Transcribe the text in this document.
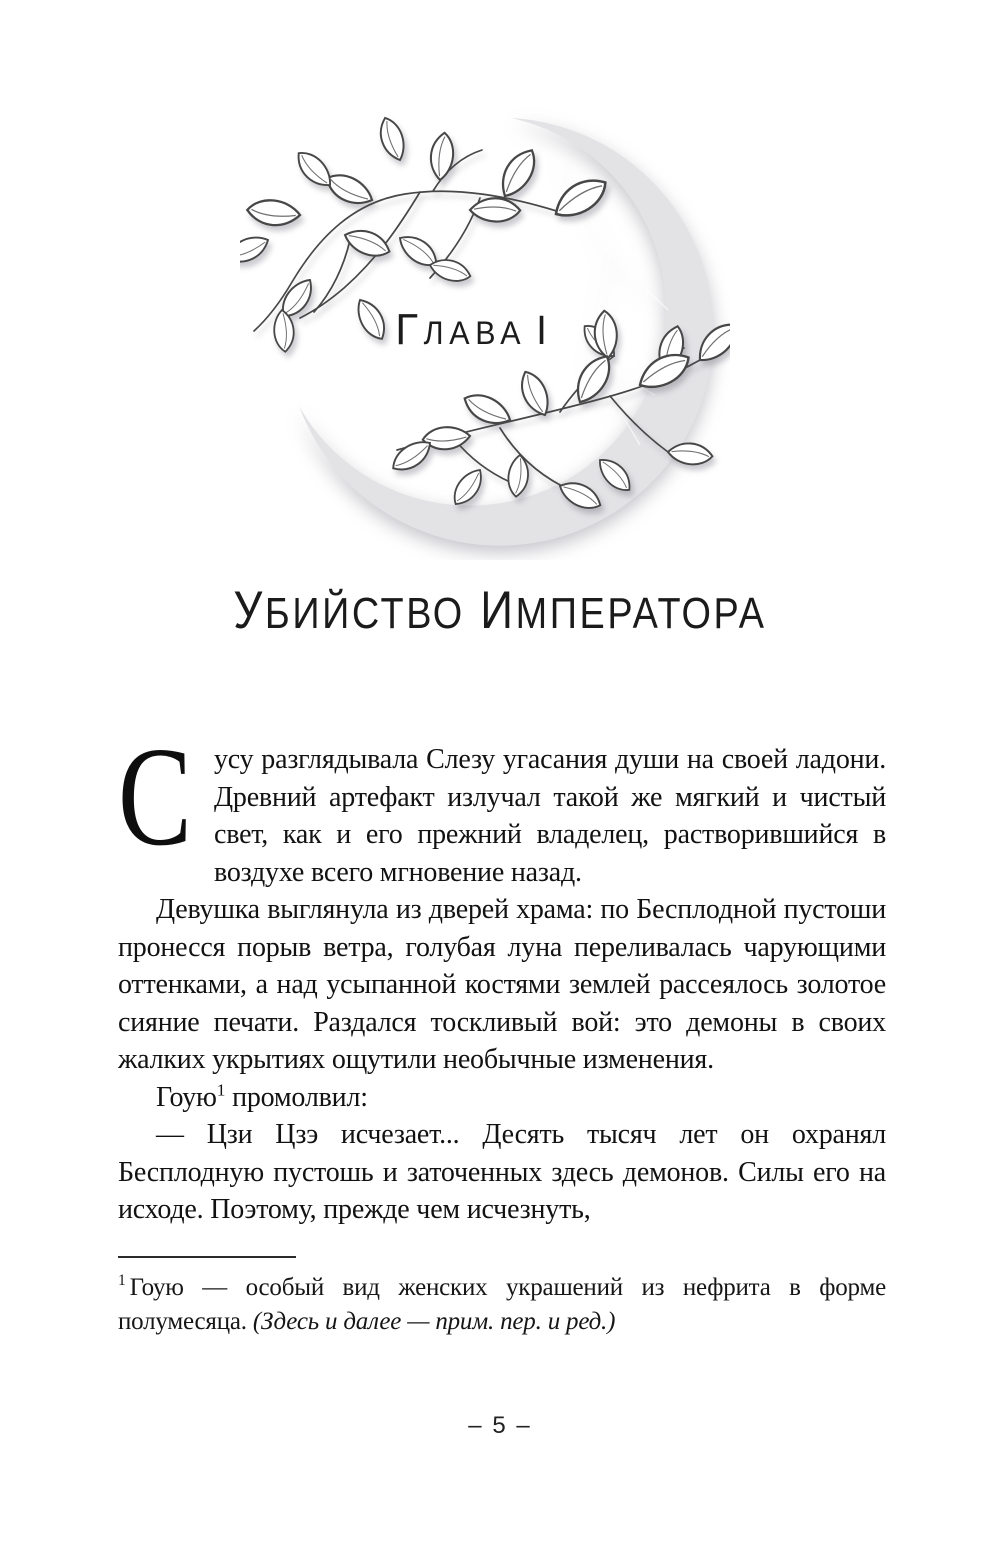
ГЛАВА I
УБИЙСТВО ИМПЕРАТОРА

Сусу разглядывала Слезу угасания души на своей ладони. Древний артефакт излучал такой же мягкий и чистый свет, как и его прежний владелец, растворившийся в воздухе всего мгновение назад.

Девушка выглянула из дверей храма: по Бесплодной пустоши пронесся порыв ветра, голубая луна переливалась чарующими оттенками, а над усыпанной костями землей рассеялось золотое сияние печати. Раздался тоскливый вой: это демоны в своих жалких укрытиях ощутили необычные изменения.

Гоую$^1$ промолвил:

— Цзи Цзэ исчезает... Десять тысяч лет он охранял Бесплодную пустошь и заточенных здесь демонов. Силы его на исходе. Поэтому, прежде чем исчезнуть,

$^1$ Гоую — особый вид женских украшений из нефрита в форме полумесяца. (Здесь и далее — прим. пер. и ред.)

– 5 –
